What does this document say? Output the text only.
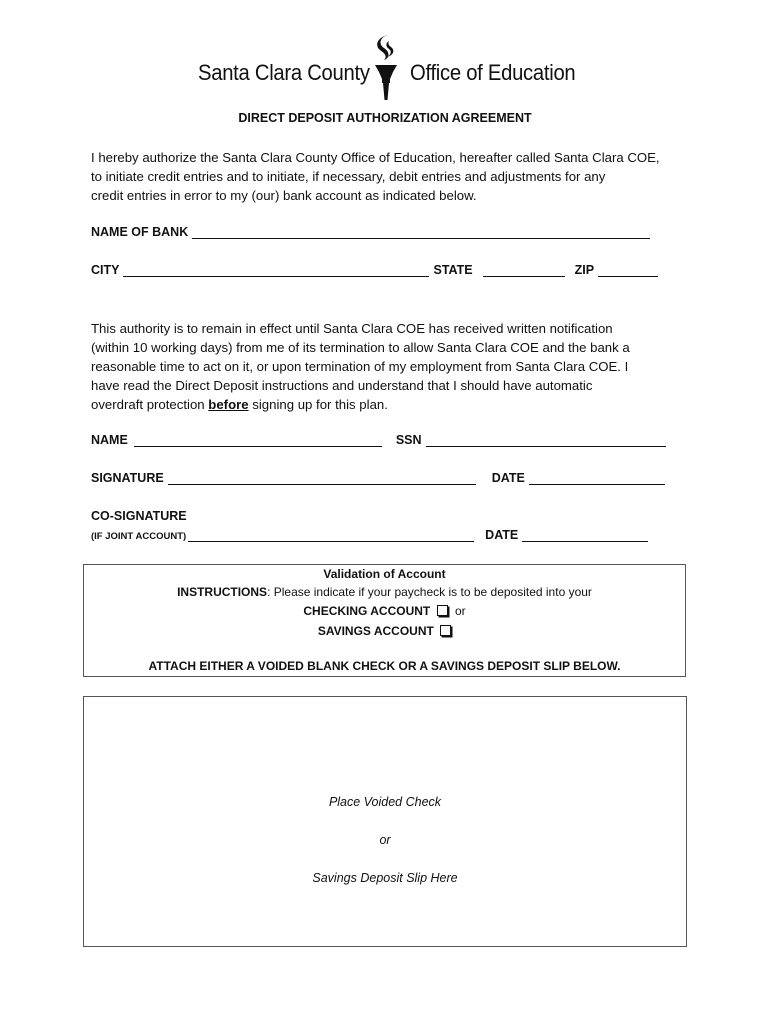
Santa Clara County Office of Education
DIRECT DEPOSIT AUTHORIZATION AGREEMENT
I hereby authorize the Santa Clara County Office of Education, hereafter called Santa Clara COE,
to initiate credit entries and to initiate, if necessary, debit entries and adjustments for any
credit entries in error to my (our) bank account as indicated below.
NAME OF BANK
CITY	STATE	ZIP
This authority is to remain in effect until Santa Clara COE has received written notification
(within 10 working days) from me of its termination to allow Santa Clara COE and the bank a
reasonable time to act on it, or upon termination of my employment from Santa Clara COE. I
have read the Direct Deposit instructions and understand that I should have automatic
overdraft protection before signing up for this plan.
NAME	SSN
SIGNATURE	DATE
CO-SIGNATURE
(IF JOINT ACCOUNT)	DATE
Validation of Account
INSTRUCTIONS: Please indicate if your paycheck is to be deposited into your
CHECKING ACCOUNT or
SAVINGS ACCOUNT
ATTACH EITHER A VOIDED BLANK CHECK OR A SAVINGS DEPOSIT SLIP BELOW.
Place Voided Check
or
Savings Deposit Slip Here
